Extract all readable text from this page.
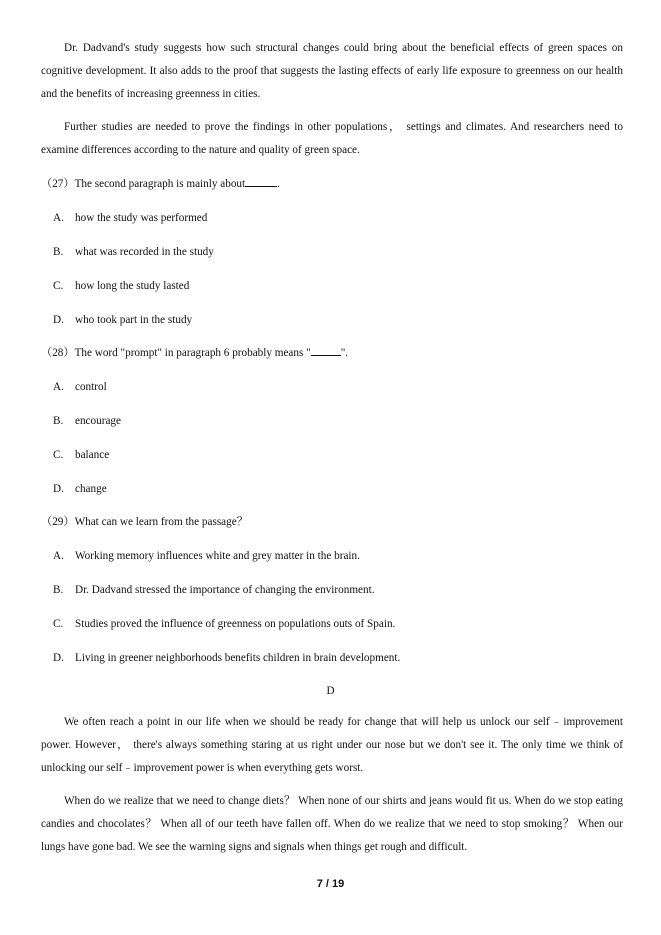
Dr. Dadvand's study suggests how such structural changes could bring about the beneficial effects of green spaces on cognitive development. It also adds to the proof that suggests the lasting effects of early life exposure to greenness on our health and the benefits of increasing greenness in cities.

Further studies are needed to prove the findings in other populations， settings and climates. And researchers need to examine differences according to the nature and quality of green space.

（27）The second paragraph is mainly about	.
A. how the study was performed
B. what was recorded in the study
C. how long the study lasted
D. who took part in the study
（28）The word "prompt" in paragraph 6 probably means "	".
A. control
B. encourage
C. balance
D. change
（29）What can we learn from the passage？
A. Working memory influences white and grey matter in the brain.
B. Dr. Dadvand stressed the importance of changing the environment.
C. Studies proved the influence of greenness on populations outs of Spain.
D. Living in greener neighborhoods benefits children in brain development.
D

We often reach a point in our life when we should be ready for change that will help us unlock our self﹣improvement power. However， there's always something staring at us right under our nose but we don't see it. The only time we think of unlocking our self﹣improvement power is when everything gets worst.

When do we realize that we need to change diets？ When none of our shirts and jeans would fit us. When do we stop eating candies and chocolates？ When all of our teeth have fallen off. When do we realize that we need to stop smoking？ When our lungs have gone bad. We see the warning signs and signals when things get rough and difficult.

7 / 19
